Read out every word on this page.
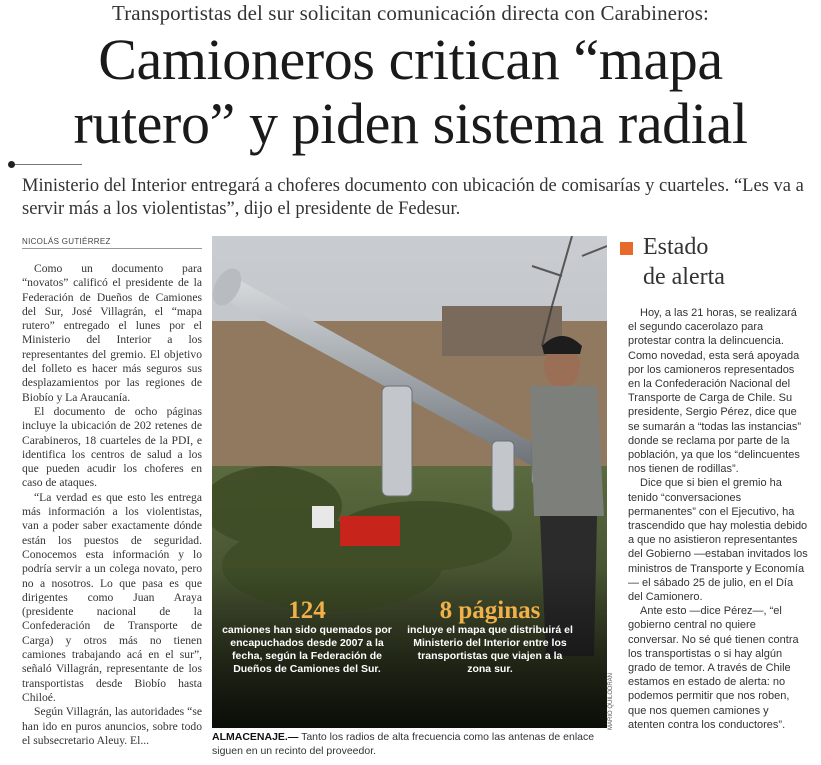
Transportistas del sur solicitan comunicación directa con Carabineros:
Camioneros critican “mapa
rutero” y piden sistema radial
Ministerio del Interior entregará a choferes documento con ubicación de comisarías y cuarteles. “Les va a servir más a los violentistas”, dijo el presidente de Fedesur.
NICOLÁS GUTIÉRREZ

Como un documento para “novatos” calificó el presidente de la Federación de Dueños de Camiones del Sur, José Villagrán, el “mapa rutero” entregado el lunes por el Ministerio del Interior a los representantes del gremio. El objetivo del folleto es hacer más seguros sus desplazamientos por las regiones de Biobío y La Araucanía.

El documento de ocho páginas incluye la ubicación de 202 retenes de Carabineros, 18 cuarteles de la PDI, e identifica los centros de salud a los que pueden acudir los choferes en caso de ataques.

“La verdad es que esto les entrega más información a los violentistas, van a poder saber exactamente dónde están los puestos de seguridad. Conocemos esta información y lo podría servir a un colega novato, pero no a nosotros. Lo que pasa es que dirigentes como Juan Araya (presidente nacional de la Confederación de Transporte de Carga) y otros más no tienen camiones trabajando acá en el sur”, señaló Villagrán, representante de los transportistas desde Biobío hasta Chiloé.

Según Villagrán, las autoridades “se han ido en puros anuncios, sobre todo el subsecretario Aleuy. El...

MARIO QUILODRÁN
124
camiones han sido quemados por encapuchados desde 2007 a la fecha, según la Federación de Dueños de Camiones del Sur.
8 páginas
incluye el mapa que distribuirá el Ministerio del Interior entre los transportistas que viajen a la zona sur.
ALMACENAJE.— Tanto los radios de alta frecuencia como las antenas de enlace siguen en un recinto del proveedor.
Estado
de alerta

Hoy, a las 21 horas, se realizará el segundo cacerolazo para protestar contra la delincuencia. Como novedad, esta será apoyada por los camioneros representados en la Confederación Nacional del Transporte de Carga de Chile. Su presidente, Sergio Pérez, dice que se sumarán a “todas las instancias” donde se reclama por parte de la población, ya que los “delincuentes nos tienen de rodillas”.

Dice que si bien el gremio ha tenido “conversaciones permanentes” con el Ejecutivo, ha trascendido que hay molestia debido a que no asistieron representantes del Gobierno —estaban invitados los ministros de Transporte y Economía— el sábado 25 de julio, en el Día del Camionero.

Ante esto —dice Pérez—, “el gobierno central no quiere conversar. No sé qué tienen contra los transportistas o si hay algún grado de temor. A través de Chile estamos en estado de alerta: no podemos permitir que nos roben, que nos quemen camiones y atenten contra los conductores”.
